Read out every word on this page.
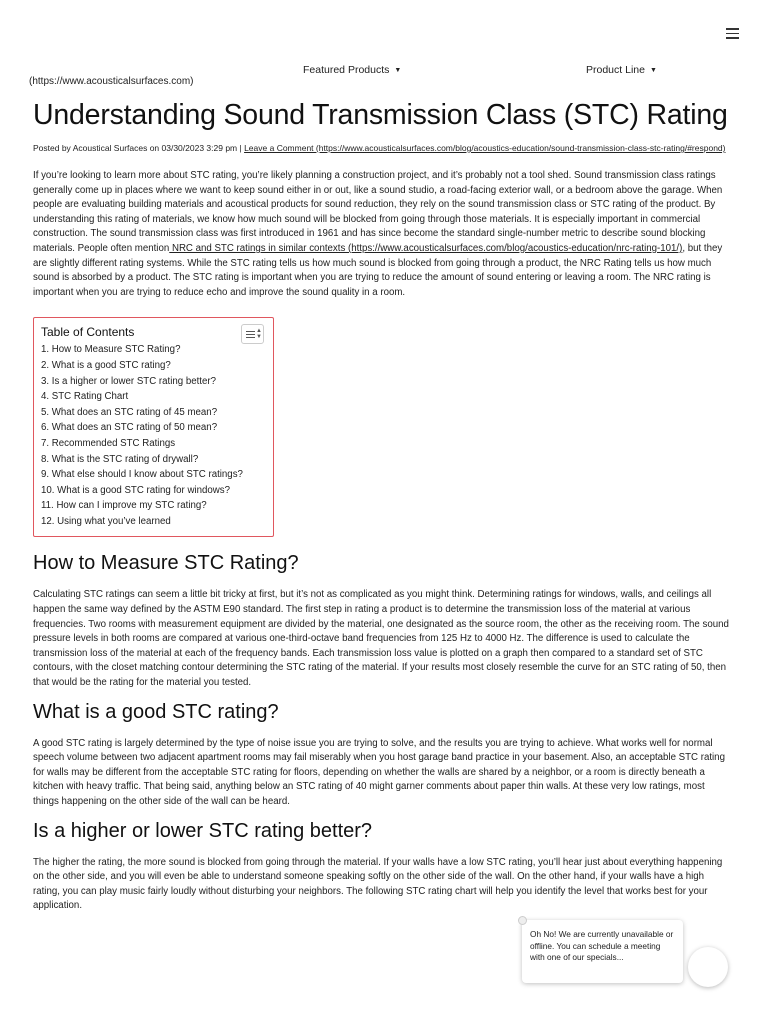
Featured Products ▼	Product Line ▼
(https://www.acousticalsurfaces.com)
Understanding Sound Transmission Class (STC) Rating
Posted by Acoustical Surfaces on 03/30/2023 3:29 pm | Leave a Comment (https://www.acousticalsurfaces.com/blog/acoustics-education/sound-transmission-class-stc-rating/#respond)

If you’re looking to learn more about STC rating, you’re likely planning a construction project, and it’s probably not a tool shed. Sound transmission class ratings generally come up in places where we want to keep sound either in or out, like a sound studio, a road-facing exterior wall, or a bedroom above the garage. When people are evaluating building materials and acoustical products for sound reduction, they rely on the sound transmission class or STC rating of the product. By understanding this rating of materials, we know how much sound will be blocked from going through those materials. It is especially important in commercial construction. The sound transmission class was first introduced in 1961 and has since become the standard single-number metric to describe sound blocking materials. People often mention NRC and STC ratings in similar contexts (https://www.acousticalsurfaces.com/blog/acoustics-education/nrc-rating-101/), but they are slightly different rating systems. While the STC rating tells us how much sound is blocked from going through a product, the NRC Rating tells us how much sound is absorbed by a product. The STC rating is important when you are trying to reduce the amount of sound entering or leaving a room. The NRC rating is important when you are trying to reduce echo and improve the sound quality in a room.

Table of Contents	▲
▼
1. How to Measure STC Rating?
2. What is a good STC rating?
3. Is a higher or lower STC rating better?
4. STC Rating Chart
5. What does an STC rating of 45 mean?
6. What does an STC rating of 50 mean?
7. Recommended STC Ratings
8. What is the STC rating of drywall?
9. What else should I know about STC ratings?
10. What is a good STC rating for windows?
11. How can I improve my STC rating?
12. Using what you’ve learned
How to Measure STC Rating?

Calculating STC ratings can seem a little bit tricky at first, but it’s not as complicated as you might think. Determining ratings for windows, walls, and ceilings all happen the same way defined by the ASTM E90 standard. The first step in rating a product is to determine the transmission loss of the material at various frequencies. Two rooms with measurement equipment are divided by the material, one designated as the source room, the other as the receiving room. The sound pressure levels in both rooms are compared at various one-third-octave band frequencies from 125 Hz to 4000 Hz. The difference is used to calculate the transmission loss of the material at each of the frequency bands. Each transmission loss value is plotted on a graph then compared to a standard set of STC contours, with the closet matching contour determining the STC rating of the material. If your results most closely resemble the curve for an STC rating of 50, then that would be the rating for the material you tested.

What is a good STC rating?

A good STC rating is largely determined by the type of noise issue you are trying to solve, and the results you are trying to achieve. What works well for normal speech volume between two adjacent apartment rooms may fail miserably when you host garage band practice in your basement. Also, an acceptable STC rating for walls may be different from the acceptable STC rating for floors, depending on whether the walls are shared by a neighbor, or a room is directly beneath a kitchen with heavy traffic. That being said, anything below an STC rating of 40 might garner comments about paper thin walls. At these very low ratings, most things happening on the other side of the wall can be heard.

Is a higher or lower STC rating better?

The higher the rating, the more sound is blocked from going through the material. If your walls have a low STC rating, you’ll hear just about everything happening on the other side, and you will even be able to understand someone speaking softly on the other side of the wall. On the other hand, if your walls have a high rating, you can play music fairly loudly without disturbing your neighbors. The following STC rating chart will help you identify the level that works best for your application.

Oh No! We are currently unavailable or offline. You can schedule a meeting with one of our specials...
